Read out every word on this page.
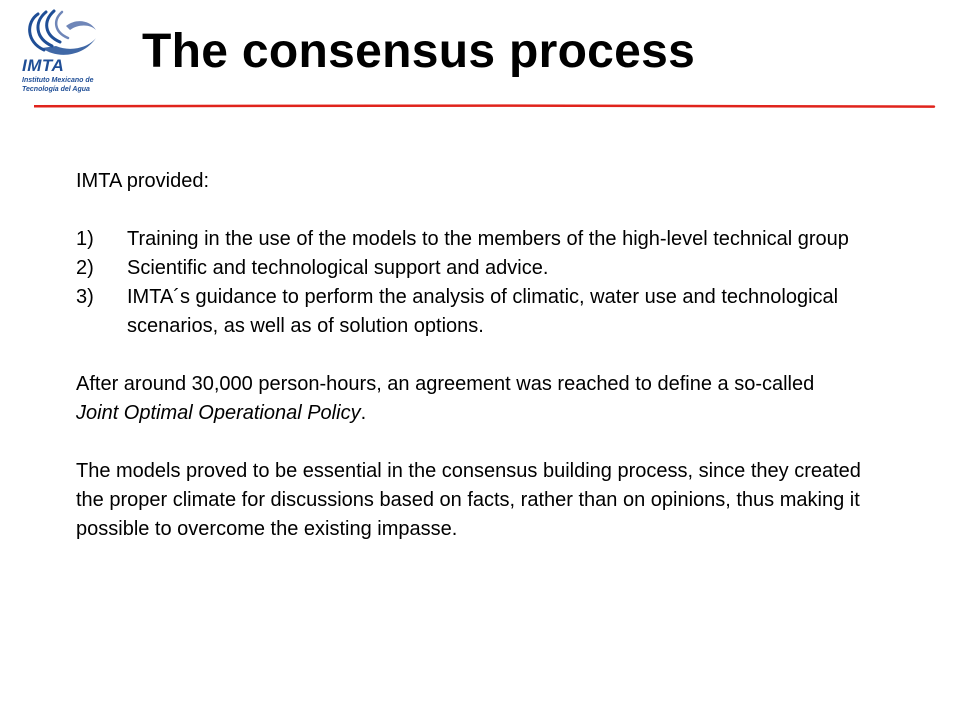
IMTA
Instituto Mexicano de
Tecnología del Agua
The consensus process

IMTA provided:

1) Training in the use of the models to the members of the high-level technical group
2) Scientific and technological support and advice.
3) IMTA´s guidance to perform the analysis of climatic, water use and technological scenarios, as well as of solution options.

After around 30,000 person-hours, an agreement was reached to define a so-called Joint Optimal Operational Policy.

The models proved to be essential in the consensus building process, since they created the proper climate for discussions based on facts, rather than on opinions, thus making it possible to overcome the existing impasse.
